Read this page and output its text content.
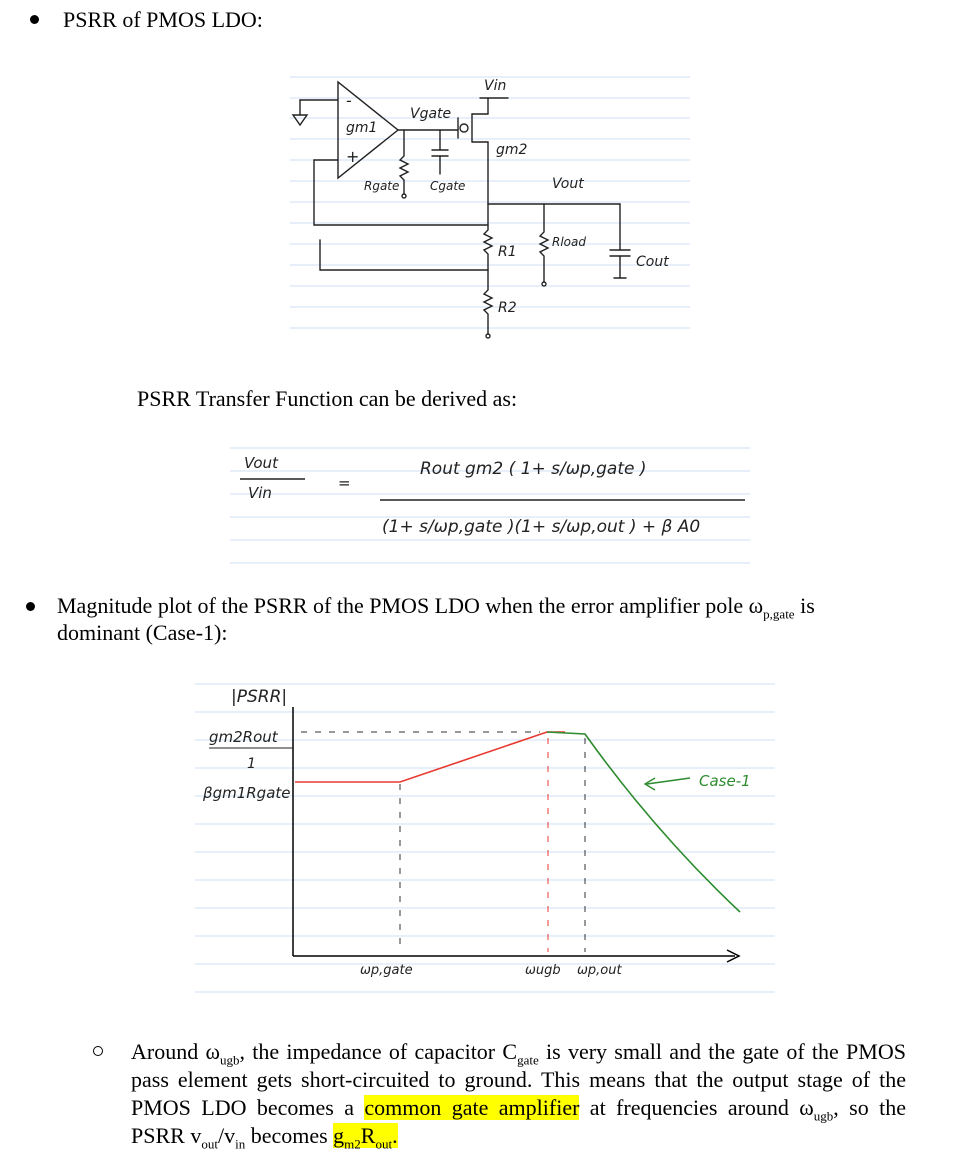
PSRR of PMOS LDO:
Vin
gm1
Vgate
gm2
Rgate	Cgate	Vout
R1
R2
Rload
Cout
-
+
PSRR Transfer Function can be derived as:
Vout
Vin
=
Rout gm2 ( 1+ s/ωp,gate )
(1+ s/ωp,gate )(1+ s/ωp,out ) + β A0
Magnitude plot of the PSRR of the PMOS LDO when the error amplifier pole $\omega_{p,gate}$ is
dominant (Case-1):
|PSRR|
gm2Rout
1
βgm1Rgate
ωp,gate	ωugb ωp,out
Case-1
Around $\omega_{ugb}$, the impedance of capacitor $C_{gate}$ is very small and the gate of the PMOS pass element gets short-circuited to ground. This means that the output stage of the PMOS LDO becomes a common gate amplifier at frequencies around $\omega_{ugb}$, so the PSRR $v_{out}/v_{in}$ becomes $g_{m2}R_{out}$.
